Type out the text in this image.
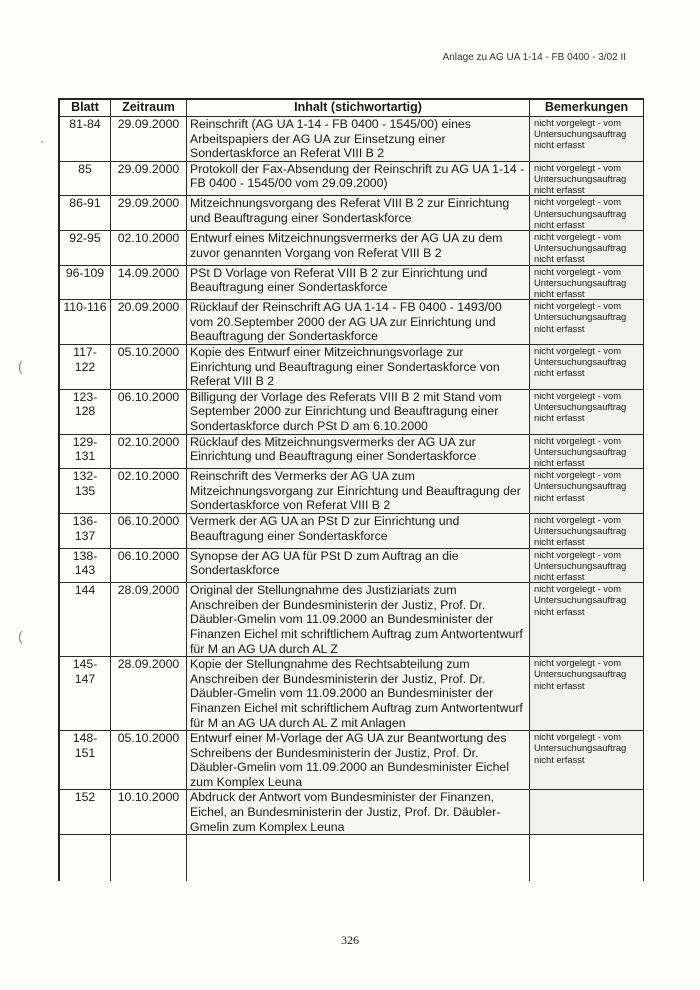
Anlage zu AG UA 1-14 - FB 0400 - 3/02 II
Blatt	Zeitraum	Inhalt (stichwortartig)	Bemerkungen
81-84	29.09.2000	Reinschrift (AG UA 1-14 - FB 0400 - 1545/00) eines Arbeitspapiers der AG UA zur Einsetzung einer Sondertaskforce an Referat VIII B 2	nicht vorgelegt - vom Untersuchungsauftrag nicht erfasst
85	29.09.2000	Protokoll der Fax-Absendung der Reinschrift zu AG UA 1-14 -FB 0400 - 1545/00 vom 29.09.2000)	nicht vorgelegt - vom Untersuchungsauftrag nicht erfasst
86-91	29.09.2000	Mitzeichnungsvorgang des Referat VIII B 2 zur Einrichtung und Beauftragung einer Sondertaskforce	nicht vorgelegt - vom Untersuchungsauftrag nicht erfasst
92-95	02.10.2000	Entwurf eines Mitzeichnungsvermerks der AG UA zu dem zuvor genannten Vorgang von Referat VIII B 2	nicht vorgelegt - vom Untersuchungsauftrag nicht erfasst
96-109	14.09.2000	PSt D Vorlage von Referat VIII B 2 zur Einrichtung und Beauftragung einer Sondertaskforce	nicht vorgelegt - vom Untersuchungsauftrag nicht erfasst
110-116	20.09.2000	Rücklauf der Reinschrift AG UA 1-14 - FB 0400 - 1493/00 vom 20.September 2000 der AG UA zur Einrichtung und Beauftragung der Sondertaskforce	nicht vorgelegt - vom Untersuchungsauftrag nicht erfasst
117-122	05.10.2000	Kopie des Entwurf einer Mitzeichnungsvorlage zur Einrichtung und Beauftragung einer Sondertaskforce von Referat VIII B 2	nicht vorgelegt - vom Untersuchungsauftrag nicht erfasst
123-128	06.10.2000	Billigung der Vorlage des Referats VIII B 2 mit Stand vom September 2000 zur Einrichtung und Beauftragung einer Sondertaskforce durch PSt D am 6.10.2000	nicht vorgelegt - vom Untersuchungsauftrag nicht erfasst
129-131	02.10.2000	Rücklauf des Mitzeichnungsvermerks der AG UA zur Einrichtung und Beauftragung einer Sondertaskforce	nicht vorgelegt - vom Untersuchungsauftrag nicht erfasst
132-135	02.10.2000	Reinschrift des Vermerks der AG UA zum Mitzeichnungsvorgang zur Einrichtung und Beauftragung der Sondertaskforce von Referat VIII B 2	nicht vorgelegt - vom Untersuchungsauftrag nicht erfasst
136-137	06.10.2000	Vermerk der AG UA an PSt D zur Einrichtung und Beauftragung einer Sondertaskforce	nicht vorgelegt - vom Untersuchungsauftrag nicht erfasst
138-143	06.10.2000	Synopse der AG UA für PSt D zum Auftrag an die Sondertaskforce	nicht vorgelegt - vom Untersuchungsauftrag nicht erfasst
144	28.09.2000	Original der Stellungnahme des Justiziariats zum Anschreiben der Bundesministerin der Justiz, Prof. Dr. Däubler-Gmelin vom 11.09.2000 an Bundesminister der Finanzen Eichel mit schriftlichem Auftrag zum Antwortentwurf für M an AG UA durch AL Z	nicht vorgelegt - vom Untersuchungsauftrag nicht erfasst
145-147	28.09.2000	Kopie der Stellungnahme des Rechtsabteilung zum Anschreiben der Bundesministerin der Justiz, Prof. Dr. Däubler-Gmelin vom 11.09.2000 an Bundesminister der Finanzen Eichel mit schriftlichem Auftrag zum Antwortentwurf für M an AG UA durch AL Z mit Anlagen	nicht vorgelegt - vom Untersuchungsauftrag nicht erfasst
148-151	05.10.2000	Entwurf einer M-Vorlage der AG UA zur Beantwortung des Schreibens der Bundesministerin der Justiz, Prof. Dr. Däubler-Gmelin vom 11.09.2000 an Bundesminister Eichel zum Komplex Leuna	nicht vorgelegt - vom Untersuchungsauftrag nicht erfasst
152	10.10.2000	Abdruck der Antwort vom Bundesminister der Finanzen, Eichel, an Bundesministerin der Justiz, Prof. Dr. Däubler-Gmelin zum Komplex Leuna	

`
(
(
326
